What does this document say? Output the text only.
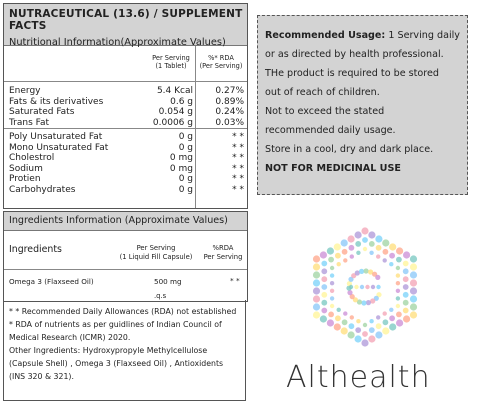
NUTRACEUTICAL (13.6) / SUPPLEMENT FACTS
Nutritional Information(Approximate Values)
Per Serving
(1 Tablet)
%* RDA
(Per Serving)
Energy	5.4 Kcal	0.27%
Fats & its derivatives	0.6 g	0.89%
Saturated Fats	0.054 g	0.24%
Trans Fat	0.0006 g	0.03%
Poly Unsaturated Fat	0 g	* *
Mono Unsaturated Fat	0 g	* *
Cholestrol	0 mg	* *
Sodium	0 mg	* *
Protien	0 g	* *
Carbohydrates	0 g	* *
Ingredients Information (Approximate Values)
Ingredients	Per Serving
(1 Liquid Fill Capsule)
%RDA
Per Serving
Omega 3 (Flaxseed Oil)	500 mg	* *
.q.s
* * Recommended Daily Allowances (RDA) not established
* RDA of nutrients as per guidlines of Indian Council of
Medical Research (ICMR) 2020.
Other Ingredients: Hydroxypropyle Methylcellulose
(Capsule Shell) , Omega 3 (Flaxseed Oil) , Antioxidents
(INS 320 & 321).
Recommended Usage: 1 Serving daily
or as directed by health professional.
THe product is required to be stored
out of reach of children.
Not to exceed the stated
recommended daily usage.
Store in a cool, dry and dark place.
NOT FOR MEDICINAL USE
Althealth
